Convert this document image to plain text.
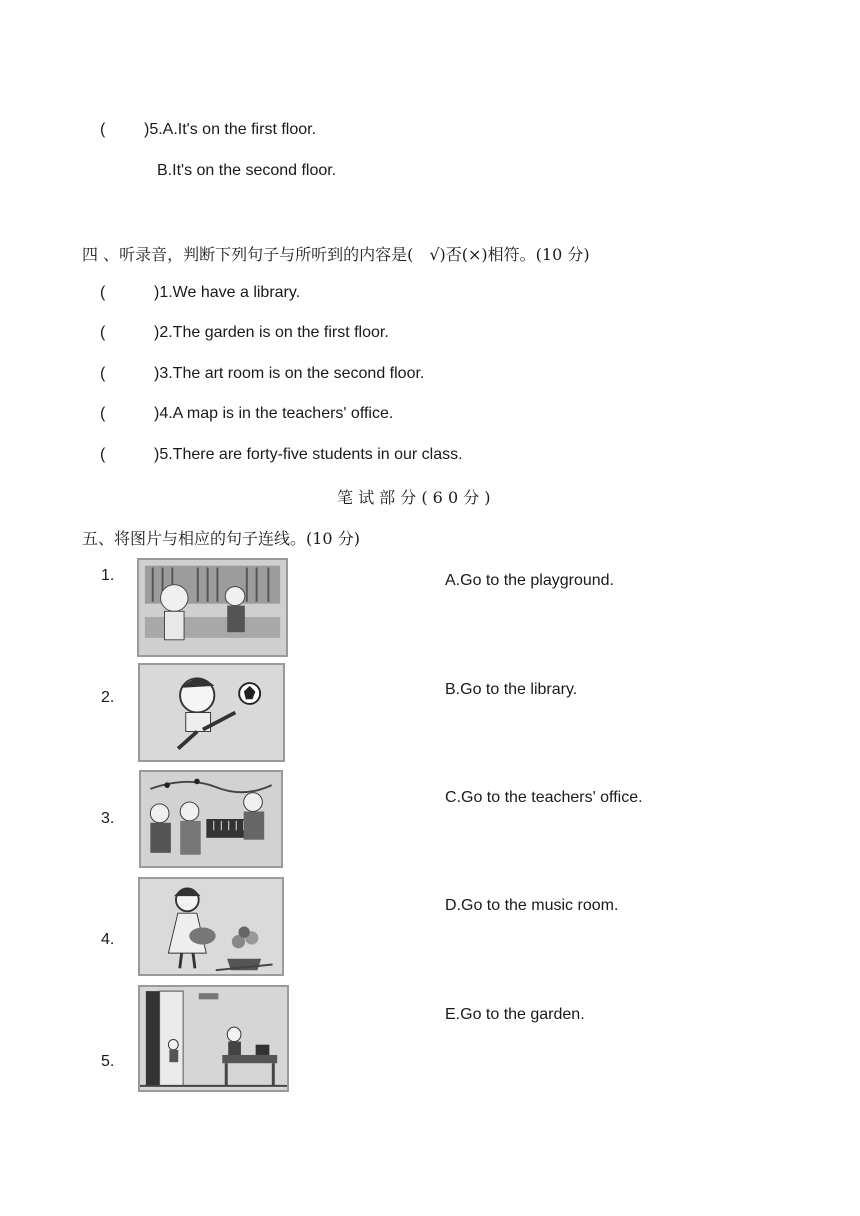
( )5.A.It's on the first floor.
B.It's on the second floor.
四 、听录音，判断下列句子与所听到的内容是(　√)否(×)相符。(10 分)
(	)1.We have a library.
(	)2.The garden is on the first floor.
(	)3.The art room is on the second floor.
(	)4.A map is in the teachers' office.
(	)5.There are forty-five students in our class.
笔 试 部 分 ( 6 0 分 )
五、将图片与相应的句子连线。(10 分)
1.
2.
3.
4.
5.
A.Go to the playground.
B.Go to the library.
C.Go to the teachers' office.
D.Go to the music room.
E.Go to the garden.
